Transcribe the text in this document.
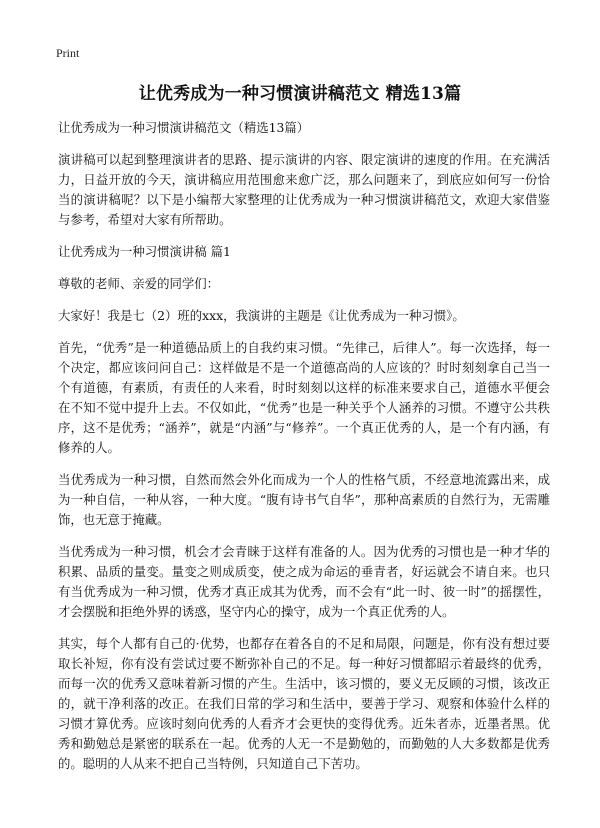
Print
让优秀成为一种习惯演讲稿范文 精选13篇

让优秀成为一种习惯演讲稿范文（精选13篇）

演讲稿可以起到整理演讲者的思路、提示演讲的内容、限定演讲的速度的作用。在充满活力，日益开放的今天，演讲稿应用范围愈来愈广泛，那么问题来了，到底应如何写一份恰当的演讲稿呢？以下是小编帮大家整理的让优秀成为一种习惯演讲稿范文，欢迎大家借鉴与参考，希望对大家有所帮助。

让优秀成为一种习惯演讲稿 篇1

尊敬的老师、亲爱的同学们：

大家好！我是七（2）班的xxx，我演讲的主题是《让优秀成为一种习惯》。

首先，“优秀”是一种道德品质上的自我约束习惯。“先律己，后律人”。每一次选择，每一个决定，都应该问问自己：这样做是不是一个道德高尚的人应该的？时时刻刻拿自己当一个有道德，有素质，有责任的人来看，时时刻刻以这样的标准来要求自己，道德水平便会在不知不觉中提升上去。不仅如此，“优秀”也是一种关乎个人涵养的习惯。不遵守公共秩序，这不是优秀；“涵养”，就是“内涵”与“修养”。一个真正优秀的人，是一个有内涵，有修养的人。

当优秀成为一种习惯，自然而然会外化而成为一个人的性格气质，不经意地流露出来，成为一种自信，一种从容，一种大度。“腹有诗书气自华”，那种高素质的自然行为，无需雕饰，也无意于掩藏。

当优秀成为一种习惯，机会才会青睐于这样有准备的人。因为优秀的习惯也是一种才华的积累、品质的量变。量变之则成质变，使之成为命运的垂青者，好运就会不请自来。也只有当优秀成为一种习惯，优秀才真正成其为优秀，而不会有“此一时、彼一时”的摇摆性，才会摆脱和拒绝外界的诱惑，坚守内心的操守，成为一个真正优秀的人。

其实，每个人都有自己的·优势，也都存在着各自的不足和局限，问题是，你有没有想过要取长补短，你有没有尝试过要不断弥补自己的不足。每一种好习惯都昭示着最终的优秀，而每一次的优秀又意味着新习惯的产生。生活中，该习惯的，要义无反顾的习惯，该改正的，就干净利落的改正。在我们日常的学习和生活中，要善于学习、观察和体验什么样的习惯才算优秀。应该时刻向优秀的人看齐才会更快的变得优秀。近朱者赤，近墨者黑。优秀和勤勉总是紧密的联系在一起。优秀的人无一不是勤勉的，而勤勉的人大多数都是优秀的。聪明的人从来不把自己当特例，只知道自己下苦功。
